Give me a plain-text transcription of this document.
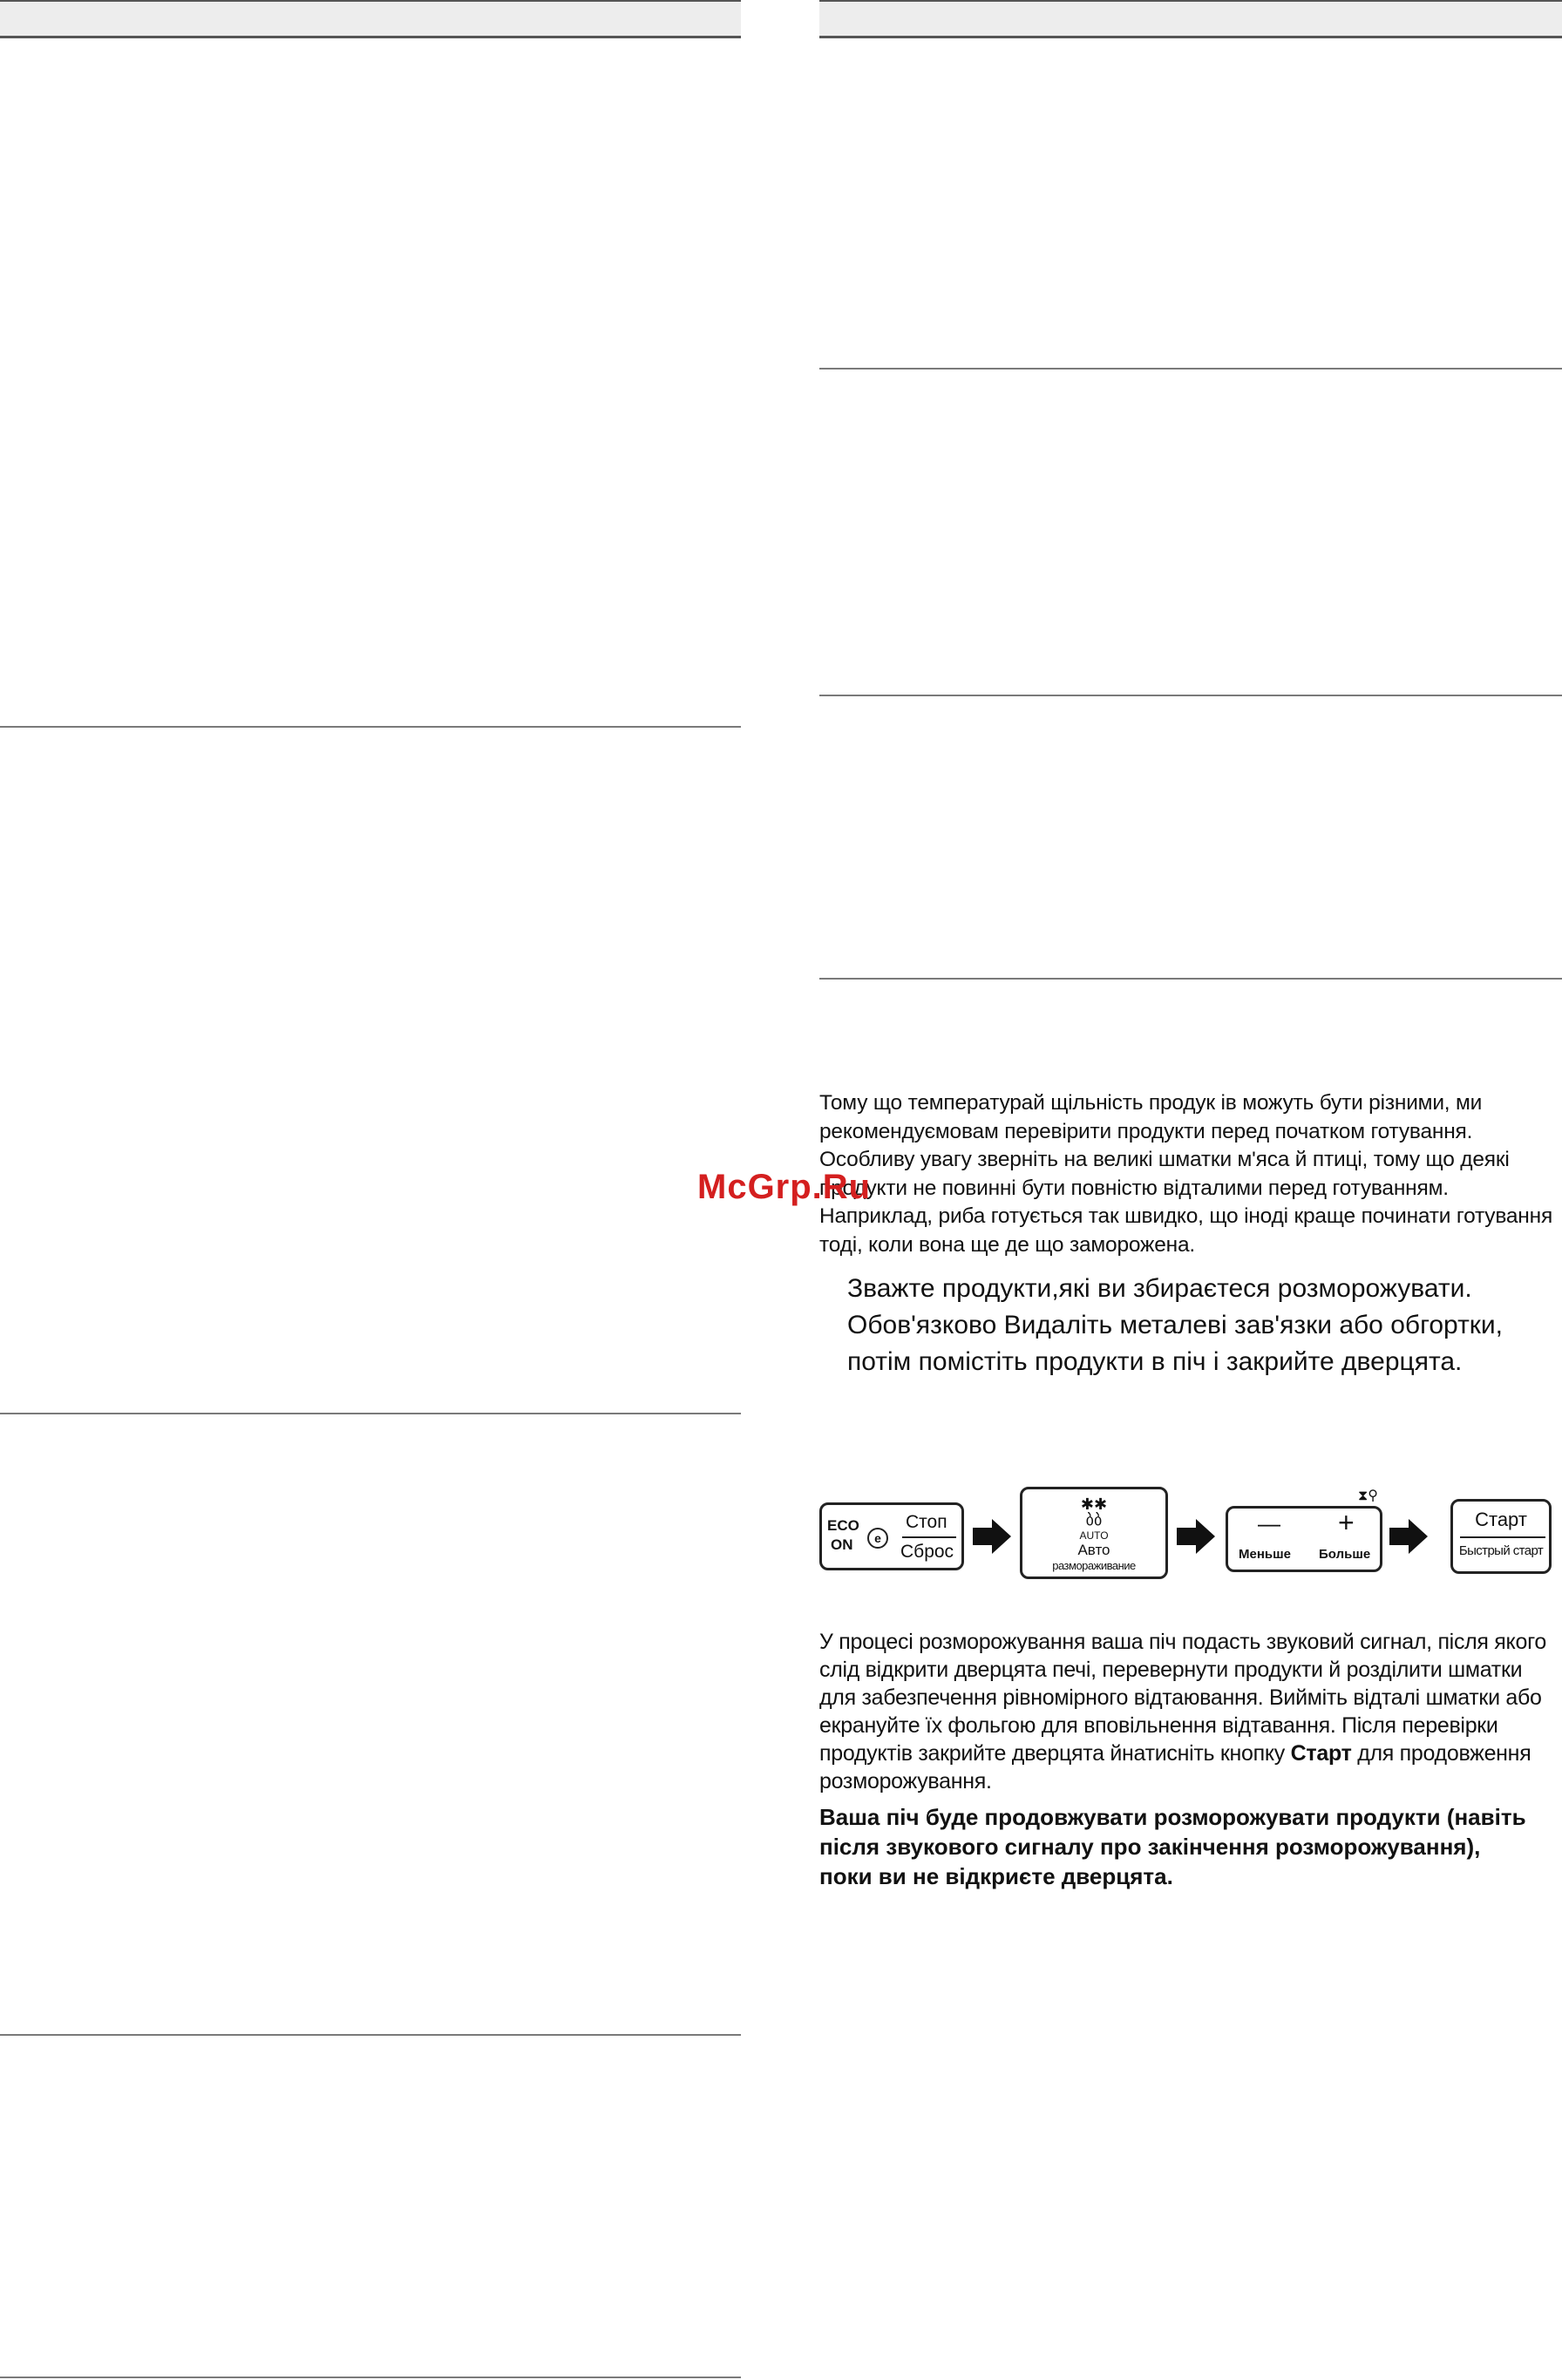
Тому що температурай щільність продук ів можуть бути різними, ми рекомендуємовам перевірити продукти перед початком готування. Особливу увагу зверніть на великі шматки м'яса й птиці, тому що деякі продукти не повинні бути повністю відталими перед готуванням. Наприклад, риба готується так швидко, що іноді краще починати готування тоді, коли вона ще де що заморожена.
McGrp.Ru
Зважте продукти,які ви збираєтеся розморожувати. Обов'язково Видаліть металеві зав'язки або обгортки, потім помістіть продукти в піч і закрийте дверцята.
ECO
ON	e
Стоп
Сброс
✱✱
ბბ
AUTO
Авто
размораживание
— +
Меньше Больше
⧗⚲
Старт
Быстрый старт
У процесі розморожування ваша піч подасть звуковий сигнал, після якого слід відкрити дверцята печі, перевернути продукти й розділити шматки для забезпечення рівномірного відтаювання. Вийміть відталі шматки або екрануйте їх фольгою для вповільнення відтавання. Після перевірки продуктів закрийте дверцята йнатисніть кнопку Старт для продовження розморожування.
Ваша піч буде продовжувати розморожувати продукти (навіть після звукового сигналу про закінчення розморожування), поки ви не відкриєте дверцята.
